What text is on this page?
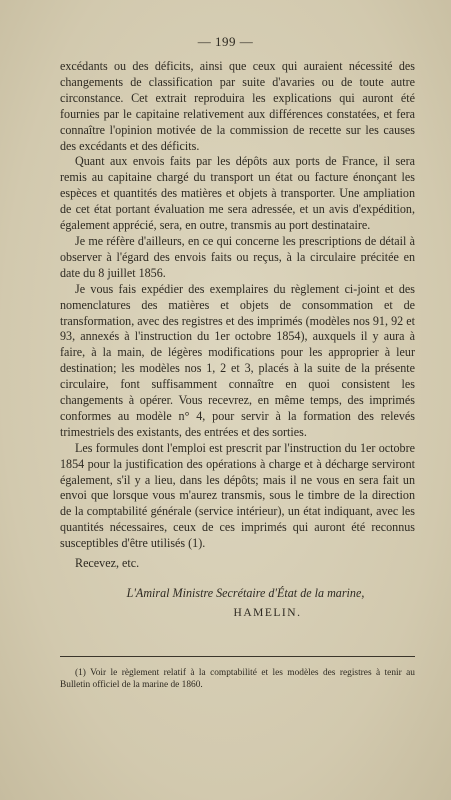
— 199 —

excédants ou des déficits, ainsi que ceux qui auraient nécessité des changements de classification par suite d'avaries ou de toute autre circonstance. Cet extrait reproduira les explications qui auront été fournies par le capitaine relativement aux différences constatées, et fera connaître l'opinion motivée de la commission de recette sur les causes des excédants et des déficits.

Quant aux envois faits par les dépôts aux ports de France, il sera remis au capitaine chargé du transport un état ou facture énonçant les espèces et quantités des matières et objets à transporter. Une ampliation de cet état portant évaluation me sera adressée, et un avis d'expédition, également apprécié, sera, en outre, transmis au port destinataire.

Je me réfère d'ailleurs, en ce qui concerne les prescriptions de détail à observer à l'égard des envois faits ou reçus, à la circulaire précitée en date du 8 juillet 1856.

Je vous fais expédier des exemplaires du règlement ci-joint et des nomenclatures des matières et objets de consommation et de transformation, avec des registres et des imprimés (modèles nos 91, 92 et 93, annexés à l'instruction du 1er octobre 1854), auxquels il y aura à faire, à la main, de légères modifications pour les approprier à leur destination; les modèles nos 1, 2 et 3, placés à la suite de la présente circulaire, font suffisamment connaître en quoi consistent les changements à opérer. Vous recevrez, en même temps, des imprimés conformes au modèle n° 4, pour servir à la formation des relevés trimestriels des existants, des entrées et des sorties.

Les formules dont l'emploi est prescrit par l'instruction du 1er octobre 1854 pour la justification des opérations à charge et à décharge serviront également, s'il y a lieu, dans les dépôts; mais il ne vous en sera fait un envoi que lorsque vous m'aurez transmis, sous le timbre de la direction de la comptabilité générale (service intérieur), un état indiquant, avec les quantités nécessaires, ceux de ces imprimés qui auront été reconnus susceptibles d'être utilisés (1).

Recevez, etc.

L'Amiral Ministre Secrétaire d'État de la marine,

HAMELIN.

(1) Voir le règlement relatif à la comptabilité et les modèles des registres à tenir au Bulletin officiel de la marine de 1860.
